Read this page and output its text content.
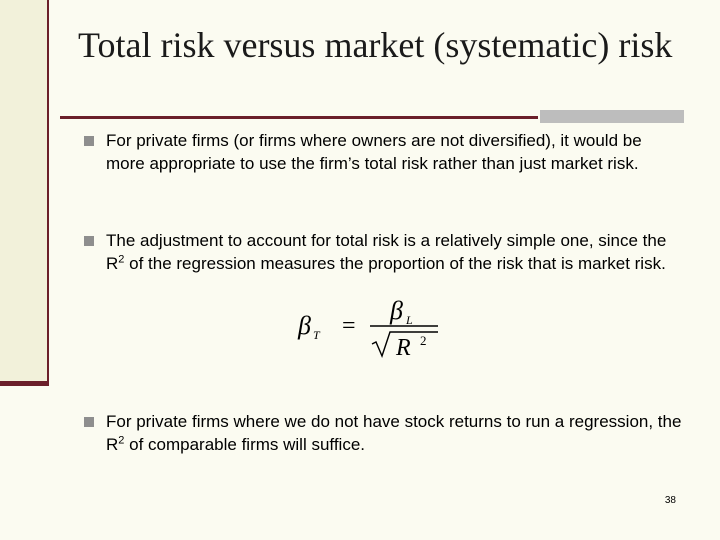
Total risk versus market (systematic) risk
For private firms (or firms where owners are not diversified), it would be more appropriate to use the firm’s total risk rather than just market risk.
The adjustment to account for total risk is a relatively simple one, since the $R^2$ of the regression measures the proportion of the risk that is market risk.
β T =
β L
R 2
For private firms where we do not have stock returns to run a regression, the $R^2$ of comparable firms will suffice.
38
